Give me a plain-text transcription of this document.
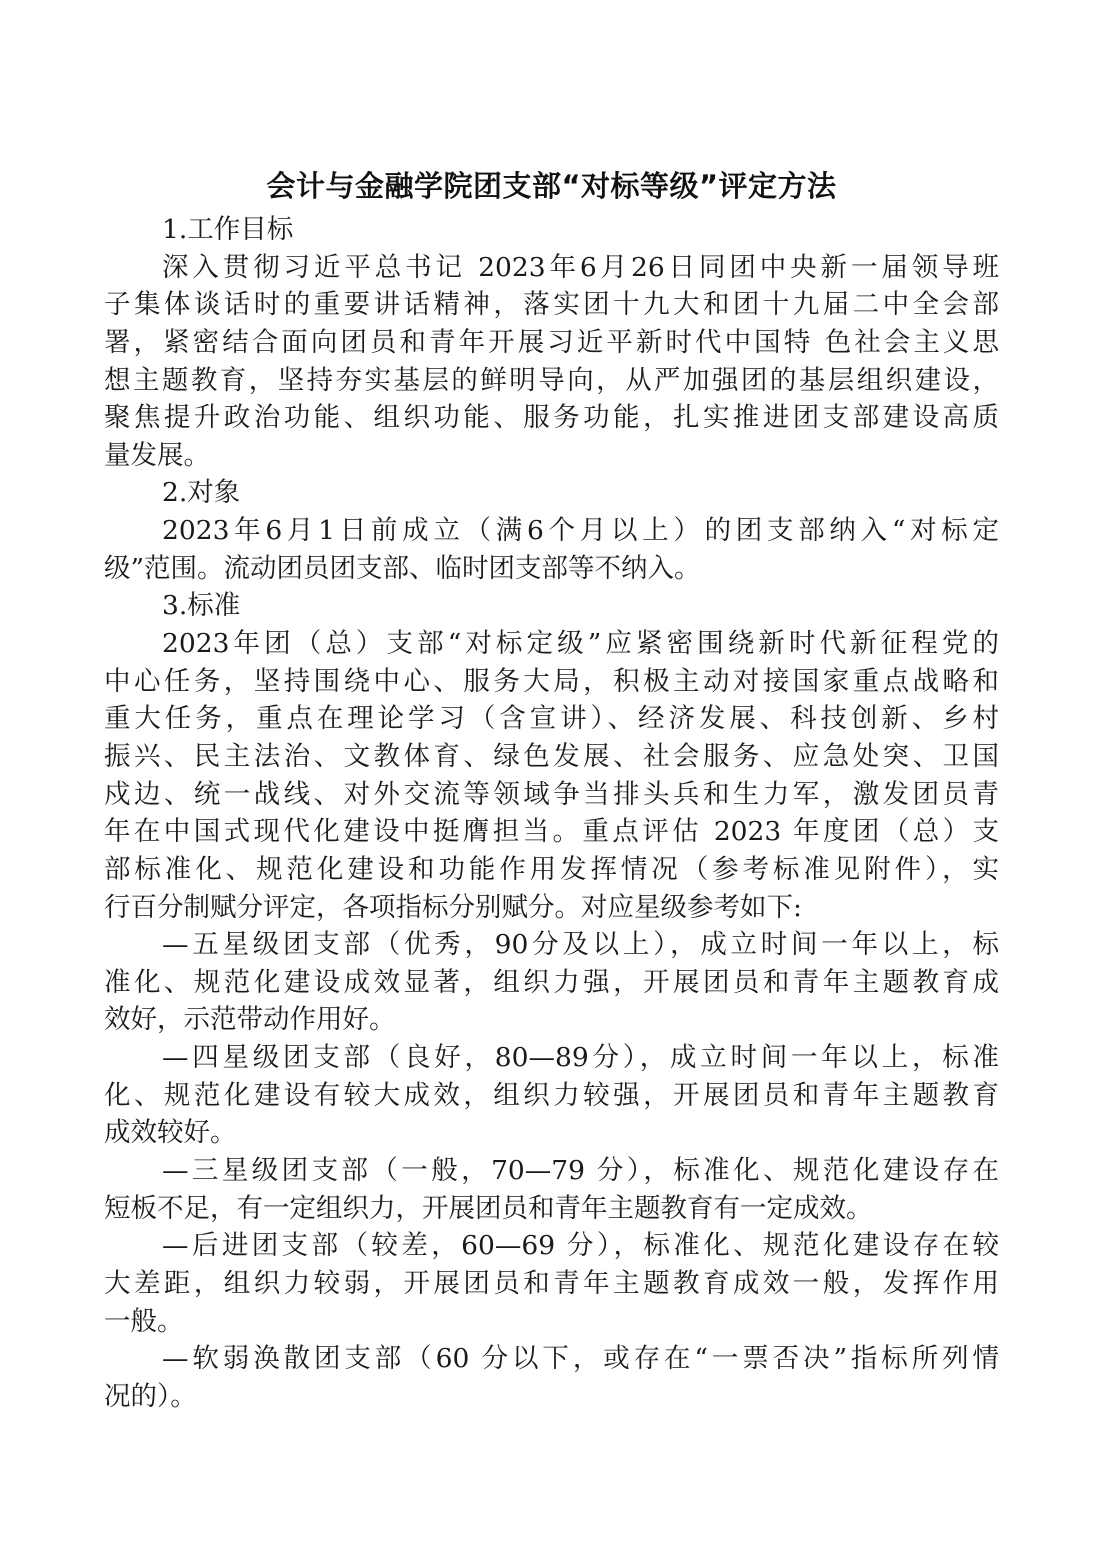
会计与金融学院团支部“对标等级”评定方法
1.工作目标
深入贯彻习近平总书记 2023年6月26日同团中央新一届领导班
子集体谈话时的重要讲话精神，落实团十九大和团十九届二中全会部
署，紧密结合面向团员和青年开展习近平新时代中国特 色社会主义思
想主题教育，坚持夯实基层的鲜明导向，从严加强团的基层组织建设，
聚焦提升政治功能、组织功能、服务功能，扎实推进团支部建设高质
量发展。
2.对象
2023年6月1日前成立（满6个月以上）的团支部纳入“对标定
级”范围。流动团员团支部、临时团支部等不纳入。
3.标准
2023年团（总）支部“对标定级”应紧密围绕新时代新征程党的
中心任务，坚持围绕中心、服务大局，积极主动对接国家重点战略和
重大任务，重点在理论学习（含宣讲）、经济发展、科技创新、乡村
振兴、民主法治、文教体育、绿色发展、社会服务、应急处突、卫国
戍边、统一战线、对外交流等领域争当排头兵和生力军，激发团员青
年在中国式现代化建设中挺膺担当。重点评估 2023 年度团（总）支
部标准化、规范化建设和功能作用发挥情况（参考标准见附件），实
行百分制赋分评定，各项指标分别赋分。对应星级参考如下:
—五星级团支部（优秀，90分及以上），成立时间一年以上，标
准化、规范化建设成效显著，组织力强，开展团员和青年主题教育成
效好，示范带动作用好。
—四星级团支部（良好，80—89分），成立时间一年以上，标准
化、规范化建设有较大成效，组织力较强，开展团员和青年主题教育
成效较好。
—三星级团支部（一般，70—79 分），标准化、规范化建设存在
短板不足，有一定组织力，开展团员和青年主题教育有一定成效。
—后进团支部（较差，60—69 分），标准化、规范化建设存在较
大差距，组织力较弱，开展团员和青年主题教育成效一般，发挥作用
一般。
—软弱涣散团支部（60 分以下，或存在“一票否决”指标所列情
况的）。
